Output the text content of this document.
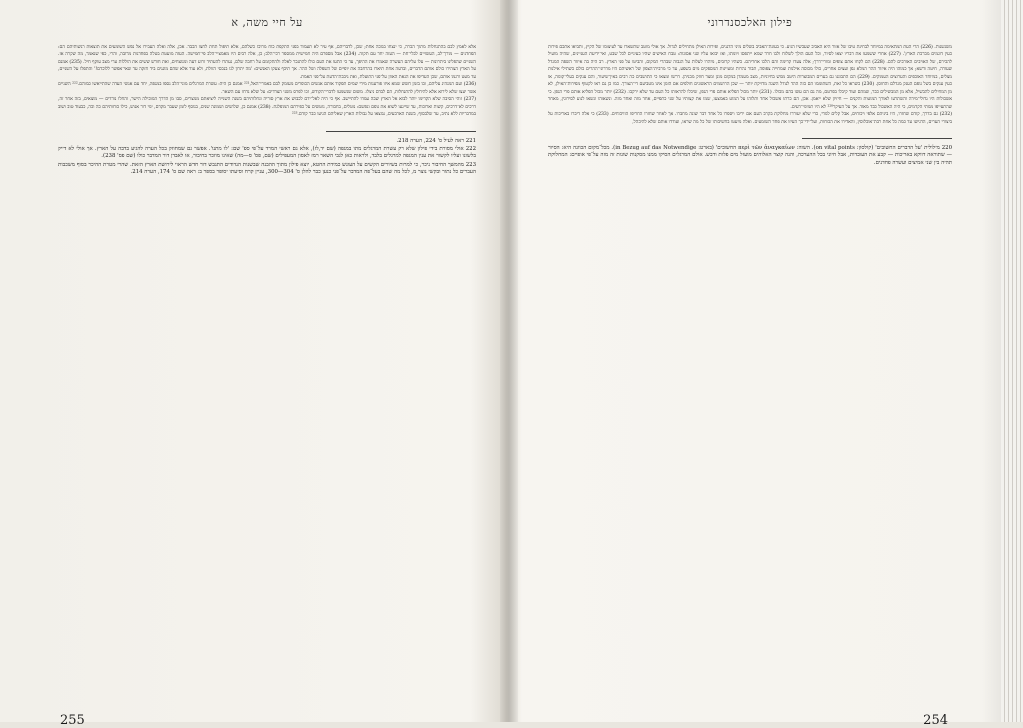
על חיי משה, א

אלא לאמץ לבם בהתנחלות מתוך הכרה, כי ינצחו במכה אחת; שכן, לדבריהם, אף עיר לא תעמוד בפני התקפת כוח מרוכז כשלהם, אלא תיפול תחת לחצו הכבד. אכן, אלה ואלה העבירו אל נפש השומעים את תוצאות רגשותיהם הם: הפחדנים — מורך־לב, העשויים לבלי־חת — העזה יחד עם תקוה. (234) אבל מספרם היה חמישית ממספר רכי־הלב; כן, אלה רבים היו מאמציי־הלב פי־חמישה. העזה מועטת בטלה בפחדנות מרובה, והרי, כפי שנאמר, מה שקרה אז. השניים שהפליגו ביתרונות — עלו עליהם העשרה שאמרו את ההיפך, עד כי התעו את העם כולו להתנכר לאלה ולהתקומם על רחבה שלם, נעתרו להעתיד זרוע דעה ומנוצחים, ואת חודש ששים את הוללות ערי מצב עוקף חיל. (235) אמנם על הארץ הצהירו כולם אותם הדברים, ובדעה אחת תיארו בהרחבה את יופיים של השפלה ושל ההר. אך תיכף צעקו האנשים: 'מה יתרון לנו בנכסי הזולת, ולא עוד אלא שהם מוגנים ביד חזקה עד שאי־אפשר ללוכדם!' והתפלו על השניים, עד מעט ורגמו אותם, שכן העדיפו את הנאת האוזן על־פני התועלת, ואת גיבבת־הדעת על־פני האמת.

(236) ועם המנהיג עליהם, ובו בזמן חשש שמא איזו פורענות מידי שמים תפקוד אותם אנשים הכופרים מעומק לבם באמרי־האל,²²¹ אמנם כן היה: עשרת המרגלים מוגי־הלב נספו במגפה, יחד עם אנשי העדה שהתייאשו כמוהם.²²² השניים אשר יעצו שלא לירוא אלא להיחלץ להתנחלות, הם לבדם ניצלו. משום שנשמעו לדברי־הקודש, זכו לפרס משני הצדדים: על שלא נדחו עם השאר.

(237) זוהי הסיבה שלא הקדימו יותר לבוא אל הארץ שבה עמדו להתיישב. אף כי היה לאל־ידם לכבוש את ארץ סוריה ונחלותיהם בשנה השנייה ליציאתם ממצרים, סבו מן הדרך המובילה הישר, והחלו נודדים — מוצאים, בזה אחר זה, דרכים לא־דרכים, קשות וארוכות, עד שייגעו לשוא את גופם ונפשם: נוטלים, בחבורה, נוטשים על כפירתם המופלגת. (238) אמנם כן, שלושים ושמונה שנים, בנוסף לזמן שעבר מקדם, ימי דור אנוש, כילו כוחותיהם כה וכה, כבעוד טוב ושוב במדבריות ללא נתיב, עד שלבסוף, בשנת הארבעים, נמצאו על גבולות הארץ שאליהם הגיעו כבר קודם.²²³

221 ראה לעיל ס' 224, הערה 218.

222 אולי מסורת בידי פילון שלא רק עשרת המרגלים מתו במגפה (שם יד,לז), אלא גם ראשי המרד על־פי ספ' שם: 'לו מתנו'. אפשר גם שמחוזק בכל הערה להגיע בדבה על הארץ. אך אולי לא דייק בלשונו ועליו לקשור את ענין המגפה למרגלים בלבד, ולראות כאן לגבי השאר רמז לאסון המעפילים (שם, פס' ס—מה) שאינו מוזכר בחיבור, או לאבדן דור המדבר כולו (שם פס' 238).

223 מהמשך החיבור ניכר, כי למרות בשיורים הקשים על העונש כמידת החטא, יוצא פילון מתוך ההבנה שבשנות הנדודים התגבש דור חדש הראוי לירושת הארץ הזאת. שהרי מטרת ההיכר בסוף משכבות העברים כל נתור ובקשי נוצר מ, לכל מה שהם בעל־פה המדבר על־פני כנען כבר להלן ס' 304—300, עניין קרח וסיעתו יסופר בספר ב: ראה שם ס' 174, הערה 214.

255
פילון האלכסנדרוני

משגשגות. (226) הרי העת המתאימה במיוחד לבחינת טיבו של אזור היא האביב שעכשיו הגיע. כי בעונת־האביב בשלים מיני הדגנים, ופירות האילן מתחילים לגדול. אך אולי מוטב שתשארו עד לעיצומו של הקיץ, ותביאו אתכם פירות כעין דוגמים מברכת הארץ'. (227) אחרי ששמעו את דבריו יצאו לסיור, וכל העם הולך לשלוח ולבו חרד שמא ייתפסו ויומתו, ואז יבואו עליו שני אסונות: טבח האישים שהיו כעיניים לכל שבט, ואי־ידיעת העניינים, שהיה מועיל להכירם, של האויבים האורבים להם. (228) הם לקחו אתם צופים ומורי־דרך; אלה צעדו קדימה והם הלכו אחריהם. כשהיו קרובים, מיהרו לעלות על הגבוה שבהרי המקום, והביטו על פני הארץ. רב היה בה איזור השפה המגדל שעורה, חיטה ודשא; אך כמוהו היה איזור ההר המלא גפן ועצים אחרים, כולו מכוסה אילנות וצמחייה צפופה, תבור נהרות ומעיינות המספקים מים בשפע, עד כי מרבית־הצפון של ראשיהם היו מדרוני־ההרים כולם כשתילי אילנות מצלים, במיוחד האוכפים והערוצים העמוקים. (229) הם התבוננו גם בערים המבוצרות היטב ממש בחיוניות, מצב מעמדן במקום מוגן ומצד חוזק מבניהן. דרשו ומצאו כי התושבים כה רבים באין־שיעור, והם ענקים בעלי־קומה, או כעין ענקים בשל גופם הענק מגדלם והחוסן. (230) כשראו כל זאת, השתוממו הם כזה ההד לגודל השגה מדויקת יותר — שכן הרושמים הראשונים חולפים אם הזמן אינו מטביעם די־הצורך. כמו כן גם ראו לקטוף מפירות־האילן, לא מן המחילים להבשיל, אלא מן המבשילים כבר, שמהם ועוד קיבלו בפרטם, מה גם הם עשו בהם מכולו. (231) יותר מכול הפליא אותם פרי הגפן, שיכלו להראותו כל העם עד שלא ירקבו. (232) יותר מכול הפליא אותם פרי הגפן. כי אשכולות היו גדולי־מידה והשתרעו לאורך המוטות והקנים — חיזיון שלא ייאמן. אכן, הם כרתו אשכול אחד ותלוהו על המוט באמצעו, שמו את קצותיו על שני כתפיים, אחד מזה ואחד מזה. ונשאוהו ונשאו לנוע לסירוגין, מאחר שהתעייפו ממתי הקדמים, כי היה האשכול כבד מאוד. אך על העיקר²²⁰ לא היו תמימי־דעים.

(232) גם בדרך, קודם שחזרו, היו ביניהם אלפי ויכוחים, אבל קלים למדי, כדי שלא יעוררו מחלוקת בקרב העם אם יריבו ויספרו כל אחד דבר שונה מחברו. אך לאחר שחזרו החריפו הוויכוחים. (233) כי אלה דיברו באריכות על ביצורי הערים, הדגישו עד כמה כל אחת רבת־אוכלוסין, והאדירו את הכוחות, ועל־ידי־כך העיזו את פחד השומעים. ואלה מיעטו בחשיבותו של כל מה שראו, ועודדו אותם שלא להיבהל,

220 מילולית 'על הדברים החשובים' (קולסון: on vital points). השוה: περὶ τῶν ἀναγκαίων החשובים' (בארט: in Bezug auf das Notwendige). מכל־מקום הכוונה היא: הסיור — שתוראה דווקא באריכות — קבע את העובדות, אבל חיוני בכל ההערכה, והנה קוצר האלוהים מועזל מים פלות ודבש. אולם המרגלים הסיקו ממנו מסקנות שונות זה מזה על־פי אופיים: המחלוקת תהיה בין שני אמיצים ועשרה פחדנים.

254
